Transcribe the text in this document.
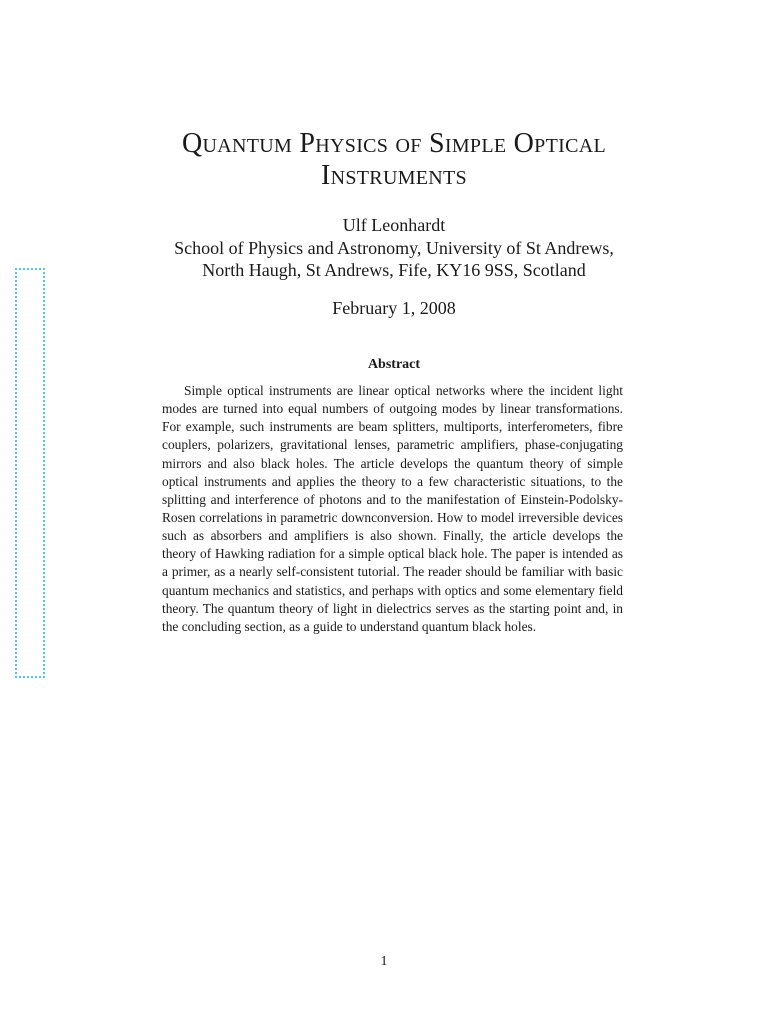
Quantum Physics of Simple Optical
Instruments
Ulf Leonhardt
School of Physics and Astronomy, University of St Andrews,
North Haugh, St Andrews, Fife, KY16 9SS, Scotland
February 1, 2008
Abstract

Simple optical instruments are linear optical networks where the incident light modes are turned into equal numbers of outgoing modes by linear transformations. For example, such instruments are beam splitters, multiports, interferometers, fibre couplers, polarizers, gravitational lenses, parametric amplifiers, phase-conjugating mirrors and also black holes. The article develops the quantum theory of simple optical instruments and applies the theory to a few characteristic situations, to the splitting and interference of photons and to the manifestation of Einstein-Podolsky-Rosen correlations in parametric downconversion. How to model irreversible devices such as absorbers and amplifiers is also shown. Finally, the article develops the theory of Hawking radiation for a simple optical black hole. The paper is intended as a primer, as a nearly self-consistent tutorial. The reader should be familiar with basic quantum mechanics and statistics, and perhaps with optics and some elementary field theory. The quantum theory of light in dielectrics serves as the starting point and, in the concluding section, as a guide to understand quantum black holes.

1
